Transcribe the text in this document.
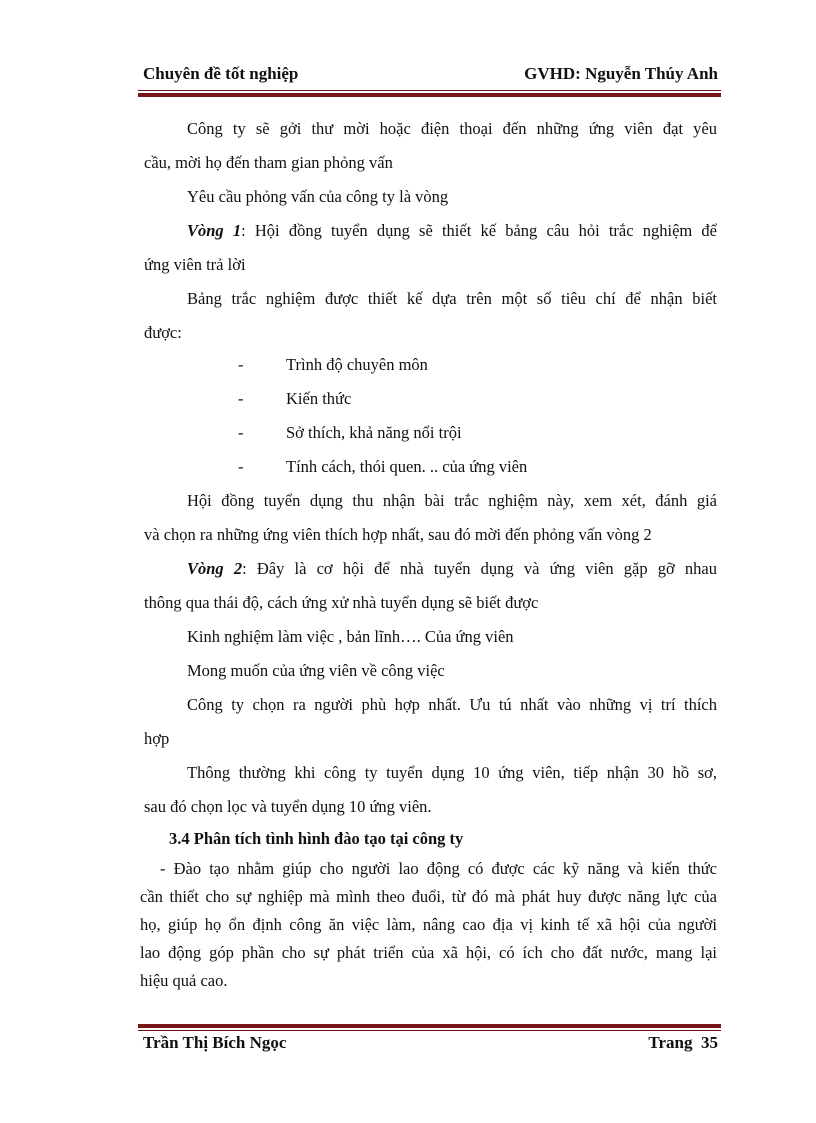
Chuyên đề tốt nghiệp	GVHD: Nguyễn Thúy Anh
Công ty sẽ gởi thư mời hoặc điện thoại đến những ứng viên đạt yêu
cầu, mời họ đến tham gian phỏng vấn
Yêu cầu phỏng vấn của công ty là vòng
Vòng 1: Hội đồng tuyển dụng sẽ thiết kế bảng câu hỏi trắc nghiệm để
ứng viên trả lời
Bảng trắc nghiệm được thiết kế dựa trên một số tiêu chí để nhận biết
được:
-	Trình độ chuyên môn
-	Kiến thức
-	Sở thích, khả năng nổi trội
-	Tính cách, thói quen. .. của ứng viên
Hội đồng tuyển dụng thu nhận bài trắc nghiệm này, xem xét, đánh giá
và chọn ra những ứng viên thích hợp nhất, sau đó mời đến phỏng vấn vòng 2
Vòng 2: Đây là cơ hội để nhà tuyển dụng và ứng viên gặp gỡ nhau
thông qua thái độ, cách ứng xử nhà tuyển dụng sẽ biết được
Kinh nghiệm làm việc , bản lĩnh…. Của ứng viên
Mong muốn của ứng viên về công việc
Công ty chọn ra người phù hợp nhất. Ưu tú nhất vào những vị trí thích
hợp
Thông thường khi công ty tuyển dụng 10 ứng viên, tiếp nhận 30 hồ sơ,
sau đó chọn lọc và tuyển dụng 10 ứng viên.
3.4 Phân tích tình hình đào tạo tại công ty
- Đào tạo nhằm giúp cho người lao động có được các kỹ năng và kiến thức
cần thiết cho sự nghiệp mà mình theo đuổi, từ đó mà phát huy được năng lực của
họ, giúp họ ổn định công ăn việc làm, nâng cao địa vị kinh tế xã hội của người
lao động góp phần cho sự phát triển của xã hội, có ích cho đất nước, mang lại
hiệu quả cao.
Trần Thị Bích Ngọc	Trang 35
